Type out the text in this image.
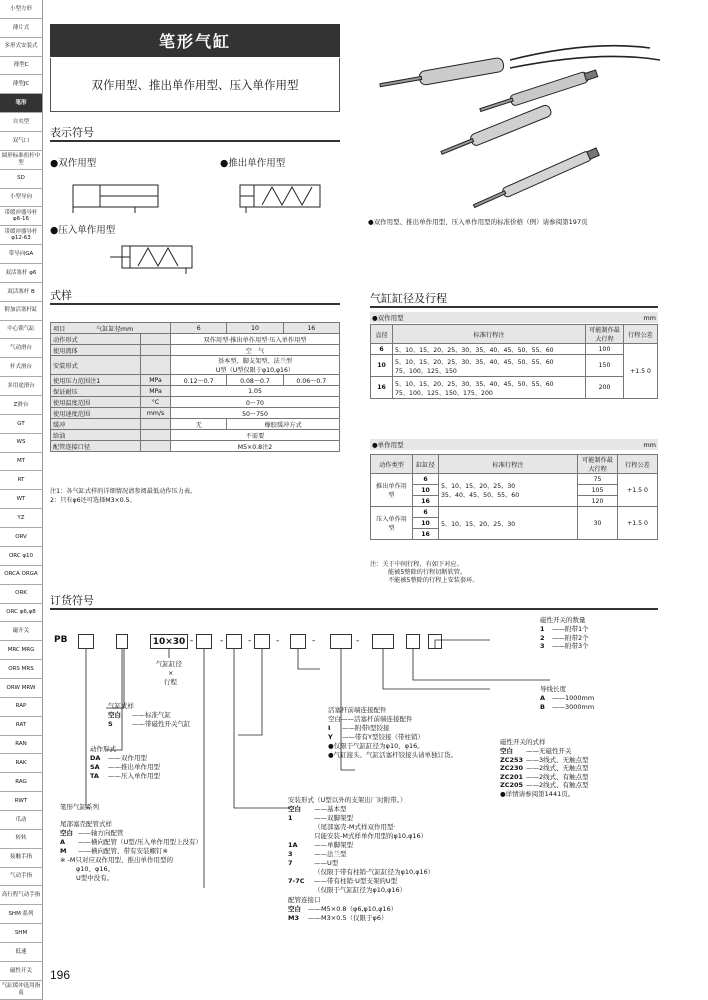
小型方形
薄片式
多形式安装式
薄型C
薄型JC
笔形
自夹型
双气口
圆形标准扭杆中型
SD
小型导向
带缓冲器导杆 φ6-16
带缓冲器导杆 φ12-63
带导向GA
双活塞杆 φ6
双活塞杆 B
附加活塞杆缸
中心锁气缸
气动滑台
杆式滑台
多用途滑台
Z滑台
GT
WS
MT
RT
WT
YZ
ORV
ORC φ10
ORCA ORGA
ORK
ORC φ6,φ8
磁开关
MRC MRG
ORS MRS
ORW MRW
RAP
RAT
RAN
RAK
RAG
RWT
爪动
转转
接触手指
气动手指
高行程气动手指
SHM 系列
SHM
低速
磁性开关
气缸缓冲选用指南
196
笔形气缸
双作用型、推出单作用型、压入单作用型
●双作用型、推出单作用型、压入单作用型的标准价格（例）请参阅第197页
表示符号
●双作用型	●推出单作用型
●压入单作用型
式样
项目　　　　　气缸缸径mm		6	10	16
动作形式		双作用型·推出单作用型·压入单作用型		
使用流体		空　气		
安装形式		基本型、脚支架型、法兰型
U型（U型仅限于φ10,φ16）		
使用压力范围注1	MPa	0.12～0.7	0.08～0.7	0.06～0.7
保证耐压	MPa	1.05		
使用温度范围	°C	0～70		
使用速度范围	mm/s	50～750		
缓冲		无	橡胶缓冲方式	
给油		不需要		
配管连接口径		M5×0.8注2		
注1：各气缸式样的详细情况请参阅最低动作压力表。
2：只有φ6还可选择M3×0.5。
气缸缸径及行程
●双作用型	mm
直径	标准行程注	可能制作最大行程	行程公差
6	5、10、15、20、25、30、35、40、45、50、55、60	100	+1.5 0
10	5、10、15、20、25、30、35、40、45、50、55、60
75、100、125、150	150	
16	5、10、15、20、25、30、35、40、45、50、55、60
75、100、125、150、175、200	200	
●单作用型	mm
动作类型	缸缸径	标准行程注	可能制作最大行程	行程公差
推出单作用型	6	5、10、15、20、25、30
35、40、45、50、55、60	75	+1.5 0
	10		105	
	16		120	
压入单作用型	6	5、10、15、20、25、30	30	+1.5 0
	10			
	16			
注：关于中间行程，有如下对应。
能被5整除的行程切断软管。
不能被5整除的行程上安装套环。
订货符号
PB	10×30 -	-	-	-	-	-
气缸缸径
×
行程
气缸式样
空白 ——标准气缸
S	——带磁性开关气缸
动作形式
DA ——双作用型
SA ——推出单作用型
TA ——压入单作用型
笔形气缸系列
尾部塞壳配管式样
空白 ——轴方向配管
A ——横向配管（U型/压入单作用型上没有）
M ——横向配管、带有安装螺钉※
※ -M只对应双作用型、推出单作用型的
φ10、φ16。
U型中没有。
活塞杆前端连接配件
空白——活塞杆前端连接配件
I ——附带I型铰接
Y ——带有Y型铰接（带柱销）
●仅限于气缸缸径为φ10、φ16。
●气缸接头、气缸活塞杆铰接头请单独订货。
安装形式（U型以外的支架出厂时附带。）
空白 ——基本型
1	——双脚架型
（尾部塞壳-M式样双作用型·
只能安装-M式样单作用型的φ10,φ16）
1A	——单脚架型
3	——法兰型
7	——U型
（仅限于带有柱销·气缸缸径为φ10,φ16）
7-7C ——带有柱销·U型支架的U型
（仅限于气缸缸径为φ10,φ16）
配管连接口
空白 ——M5×0.8（φ6,φ10,φ16）
M3 ——M3×0.5（仅限于φ6）
磁性开关的数量
1 ——附带1个
2 ——附带2个
3 ——附带3个
导线长度
A ——1000mm
B ——3000mm
磁性开关的式样
空白 ——无磁性开关
ZC253 ——3线式、无触点型
ZC230 ——2线式、无触点型
ZC201 ——2线式、有触点型
ZC205 ——2线式、有触点型
●详情请参阅第1441页。
